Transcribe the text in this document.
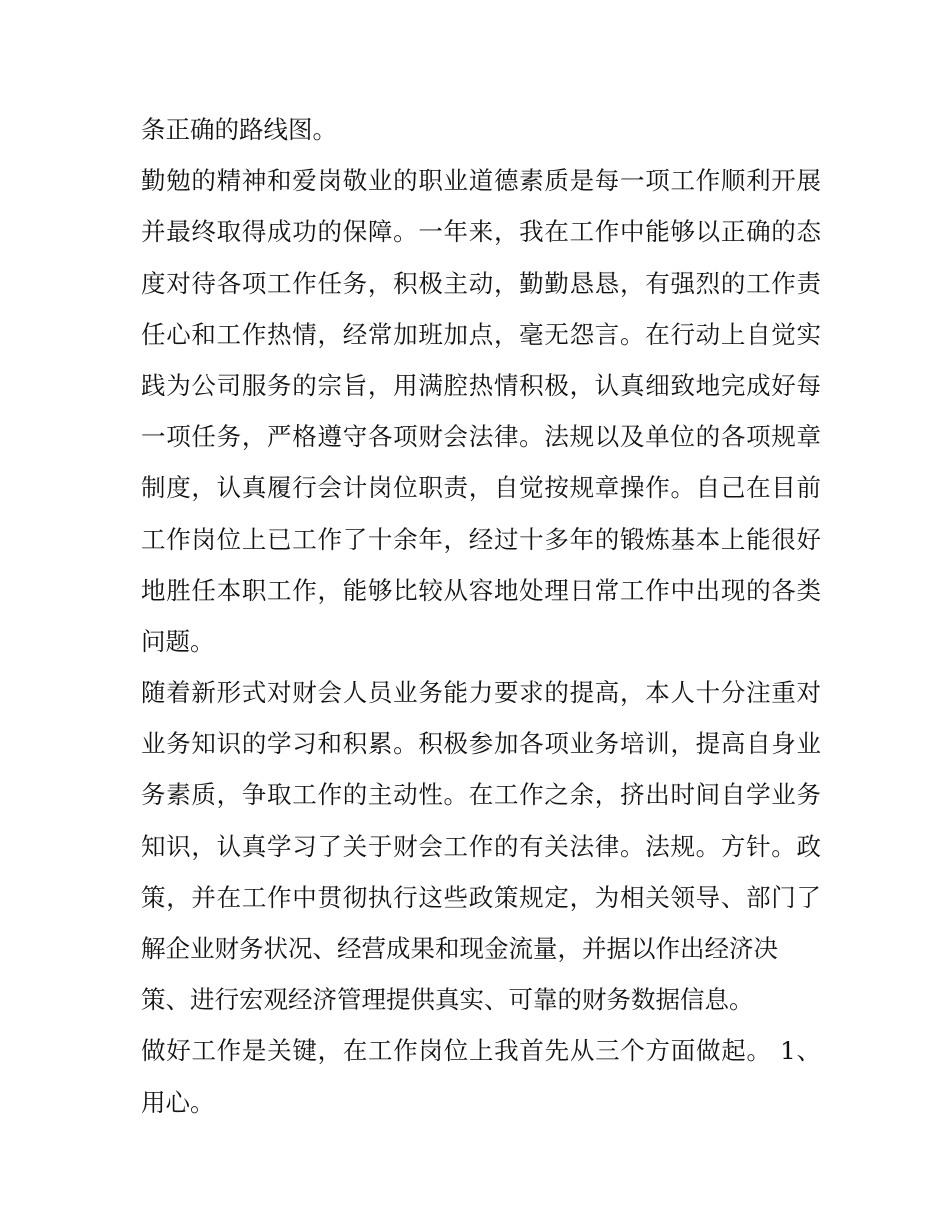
条正确的路线图。
勤勉的精神和爱岗敬业的职业道德素质是每一项工作顺利开展
并最终取得成功的保障。一年来，我在工作中能够以正确的态
度对待各项工作任务，积极主动，勤勤恳恳，有强烈的工作责
任心和工作热情，经常加班加点，毫无怨言。在行动上自觉实
践为公司服务的宗旨，用满腔热情积极，认真细致地完成好每
一项任务，严格遵守各项财会法律。法规以及单位的各项规章
制度，认真履行会计岗位职责，自觉按规章操作。自己在目前
工作岗位上已工作了十余年，经过十多年的锻炼基本上能很好
地胜任本职工作，能够比较从容地处理日常工作中出现的各类
问题。
随着新形式对财会人员业务能力要求的提高，本人十分注重对
业务知识的学习和积累。积极参加各项业务培训，提高自身业
务素质，争取工作的主动性。在工作之余，挤出时间自学业务
知识，认真学习了关于财会工作的有关法律。法规。方针。政
策，并在工作中贯彻执行这些政策规定，为相关领导、部门了
解企业财务状况、经营成果和现金流量，并据以作出经济决
策、进行宏观经济管理提供真实、可靠的财务数据信息。
做好工作是关键，在工作岗位上我首先从三个方面做起。 1、
用心。
